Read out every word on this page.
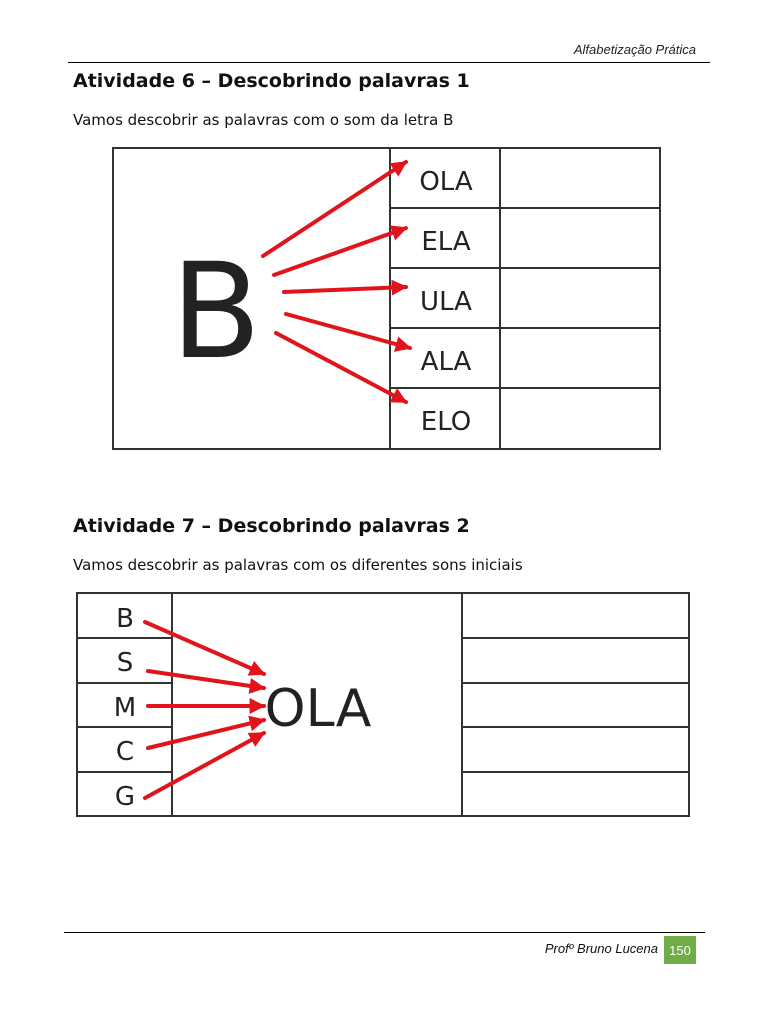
Alfabetização Prática
Atividade 6 – Descobrindo palavras 1
Vamos descobrir as palavras com o som da letra B
B
OLA
ELA
ULA
ALA
ELO
B
S
M
C
G
OLA
Atividade 7 – Descobrindo palavras 2
Vamos descobrir as palavras com os diferentes sons iniciais
Profº Bruno Lucena 150
